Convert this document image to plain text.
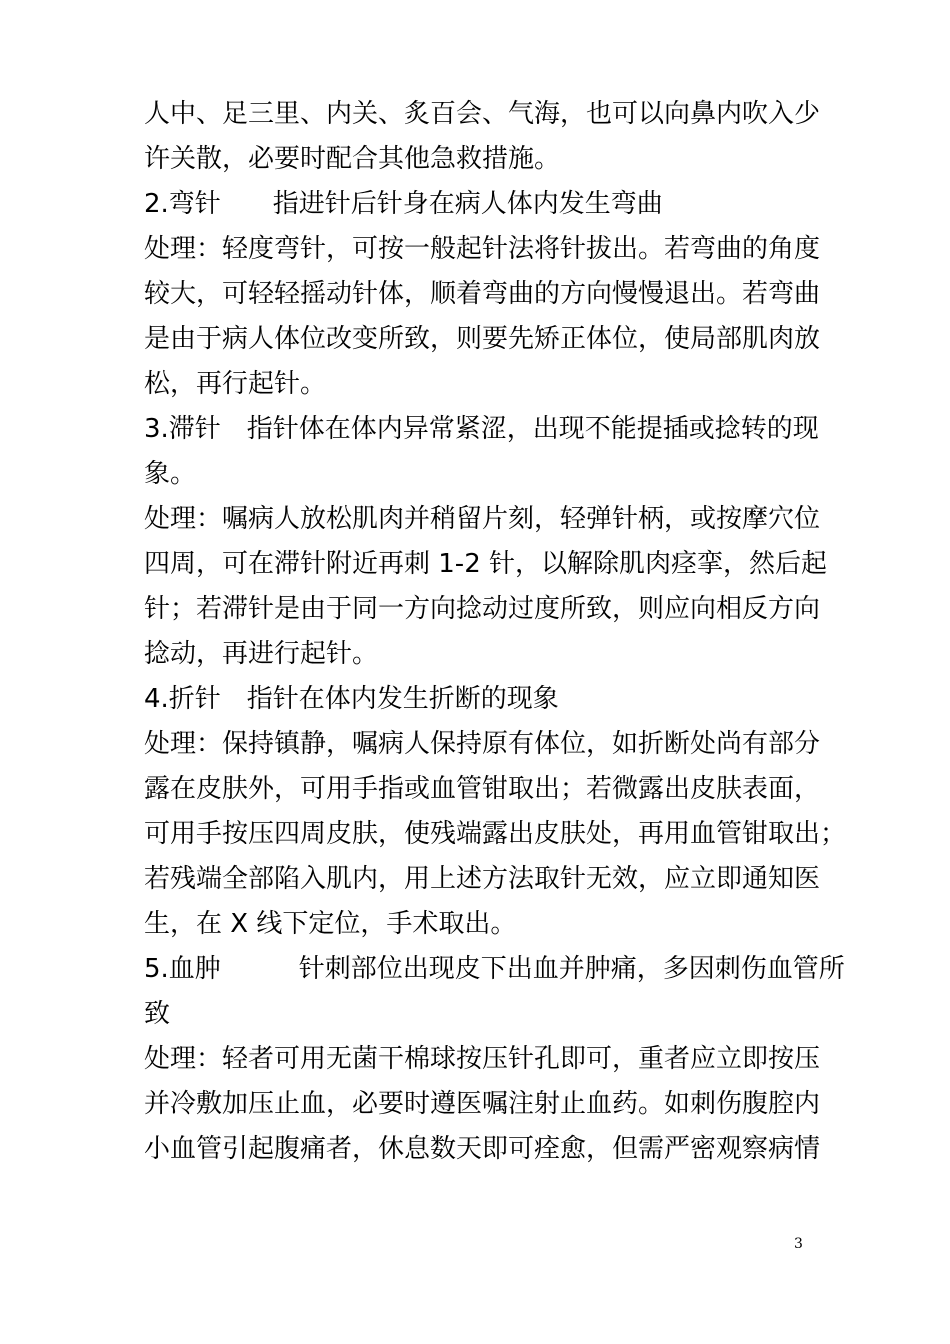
人中、足三里、内关、炙百会、气海，也可以向鼻内吹入少
许关散，必要时配合其他急救措施。
2.弯针　　指进针后针身在病人体内发生弯曲
处理：轻度弯针，可按一般起针法将针拔出。若弯曲的角度
较大，可轻轻摇动针体，顺着弯曲的方向慢慢退出。若弯曲
是由于病人体位改变所致，则要先矫正体位，使局部肌肉放
松，再行起针。
3.滞针　指针体在体内异常紧涩，出现不能提插或捻转的现
象。
处理：嘱病人放松肌肉并稍留片刻，轻弹针柄，或按摩穴位
四周，可在滞针附近再刺 1-2 针，以解除肌肉痉挛，然后起
针；若滞针是由于同一方向捻动过度所致，则应向相反方向
捻动，再进行起针。
4.折针　指针在体内发生折断的现象
处理：保持镇静，嘱病人保持原有体位，如折断处尚有部分
露在皮肤外，可用手指或血管钳取出；若微露出皮肤表面，
可用手按压四周皮肤，使残端露出皮肤处，再用血管钳取出；
若残端全部陷入肌内，用上述方法取针无效，应立即通知医
生，在 X 线下定位，手术取出。
5.血肿　　　针刺部位出现皮下出血并肿痛，多因刺伤血管所
致
处理：轻者可用无菌干棉球按压针孔即可，重者应立即按压
并冷敷加压止血，必要时遵医嘱注射止血药。如刺伤腹腔内
小血管引起腹痛者，休息数天即可痊愈，但需严密观察病情
3
